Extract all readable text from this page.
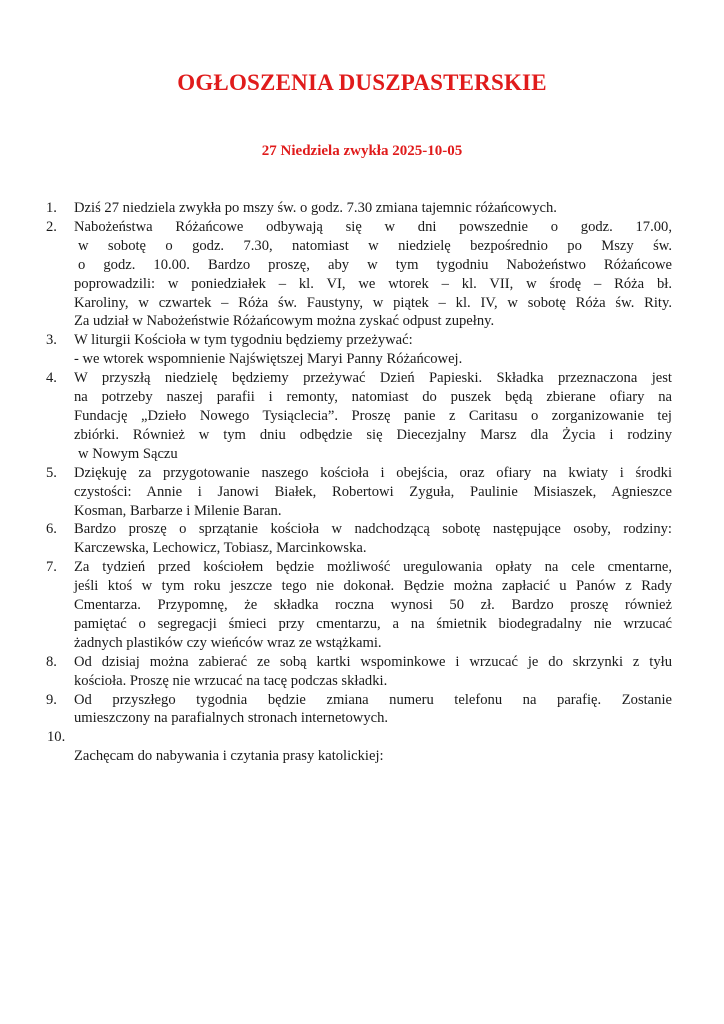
OGŁOSZENIA DUSZPASTERSKIE
27 Niedziela zwykła 2025-10-05
1.	Dziś 27 niedziela zwykła po mszy św. o godz. 7.30 zmiana tajemnic różańcowych.
2.	Nabożeństwa Różańcowe odbywają się w dni powszednie o godz. 17.00,
w sobotę o godz. 7.30, natomiast w niedzielę bezpośrednio po Mszy św.
o godz. 10.00. Bardzo proszę, aby w tym tygodniu Nabożeństwo Różańcowe
poprowadzili: w poniedziałek – kl. VI, we wtorek – kl. VII, w środę – Róża bł.
Karoliny, w czwartek – Róża św. Faustyny, w piątek – kl. IV, w sobotę Róża św. Rity.
Za udział w Nabożeństwie Różańcowym można zyskać odpust zupełny.
3.	W liturgii Kościoła w tym tygodniu będziemy przeżywać:
- we wtorek wspomnienie Najświętszej Maryi Panny Różańcowej.
4.	W przyszłą niedzielę będziemy przeżywać Dzień Papieski. Składka przeznaczona jest
na potrzeby naszej parafii i remonty, natomiast do puszek będą zbierane ofiary na
Fundację „Dzieło Nowego Tysiąclecia”. Proszę panie z Caritasu o zorganizowanie tej
zbiórki. Również w tym dniu odbędzie się Diecezjalny Marsz dla Życia i rodziny
w Nowym Sączu
5.	Dziękuję za przygotowanie naszego kościoła i obejścia, oraz ofiary na kwiaty i środki
czystości: Annie i Janowi Białek, Robertowi Zyguła, Paulinie Misiaszek, Agnieszce
Kosman, Barbarze i Milenie Baran.
6.	Bardzo proszę o sprzątanie kościoła w nadchodzącą sobotę następujące osoby, rodziny:
Karczewska, Lechowicz, Tobiasz, Marcinkowska.
7.	Za tydzień przed kościołem będzie możliwość uregulowania opłaty na cele cmentarne,
jeśli ktoś w tym roku jeszcze tego nie dokonał. Będzie można zapłacić u Panów z Rady
Cmentarza. Przypomnę, że składka roczna wynosi 50 zł. Bardzo proszę również
pamiętać o segregacji śmieci przy cmentarzu, a na śmietnik biodegradalny nie wrzucać
żadnych plastików czy wieńców wraz ze wstążkami.
8.	Od dzisiaj można zabierać ze sobą kartki wspominkowe i wrzucać je do skrzynki z tyłu
kościoła. Proszę nie wrzucać na tacę podczas składki.
9.	Od przyszłego tygodnia będzie zmiana numeru telefonu na parafię. Zostanie
umieszczony na parafialnych stronach internetowych.
10.
Zachęcam do nabywania i czytania prasy katolickiej:
